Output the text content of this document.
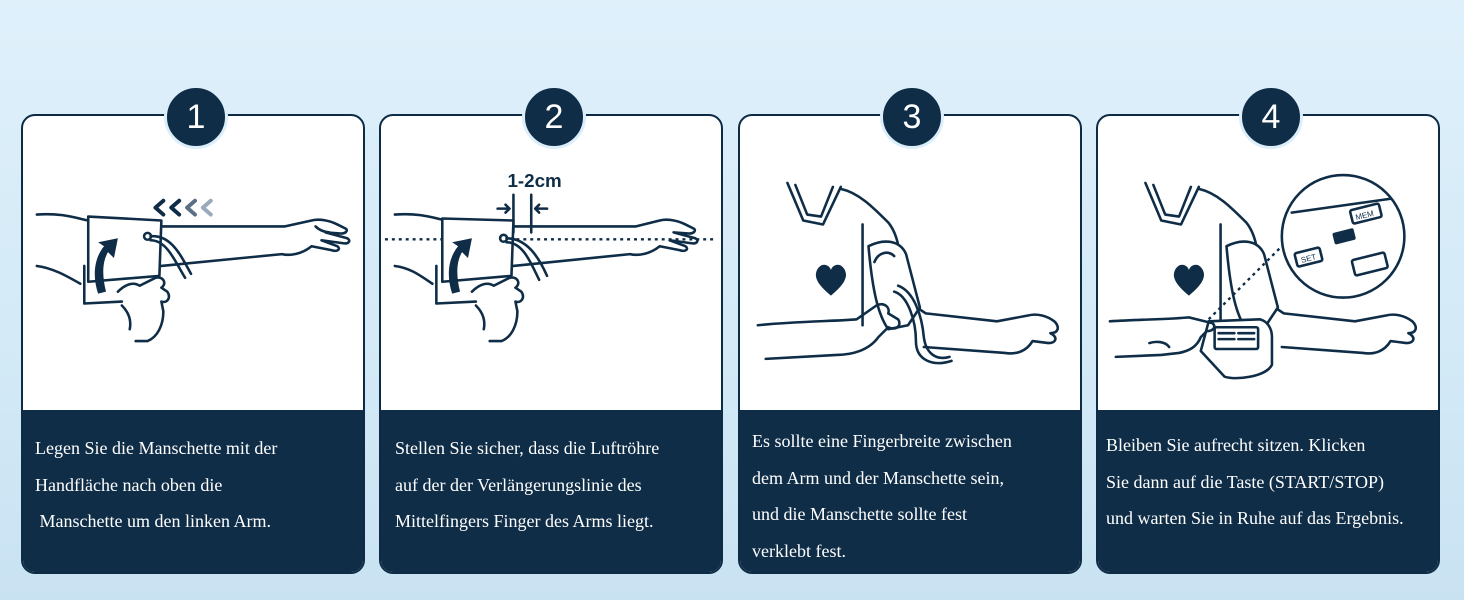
1
Legen Sie die Manschette mit der
Handfläche nach oben die
Manschette um den linken Arm.
2
1-2cm
Stellen Sie sicher, dass die Luftröhre
auf der der Verlängerungslinie des
Mittelfingers Finger des Arms liegt.
3
Es sollte eine Fingerbreite zwischen
dem Arm und der Manschette sein,
und die Manschette sollte fest
verklebt fest.
4
MEM
SET
Bleiben Sie aufrecht sitzen. Klicken
Sie dann auf die Taste (START/STOP)
und warten Sie in Ruhe auf das Ergebnis.
